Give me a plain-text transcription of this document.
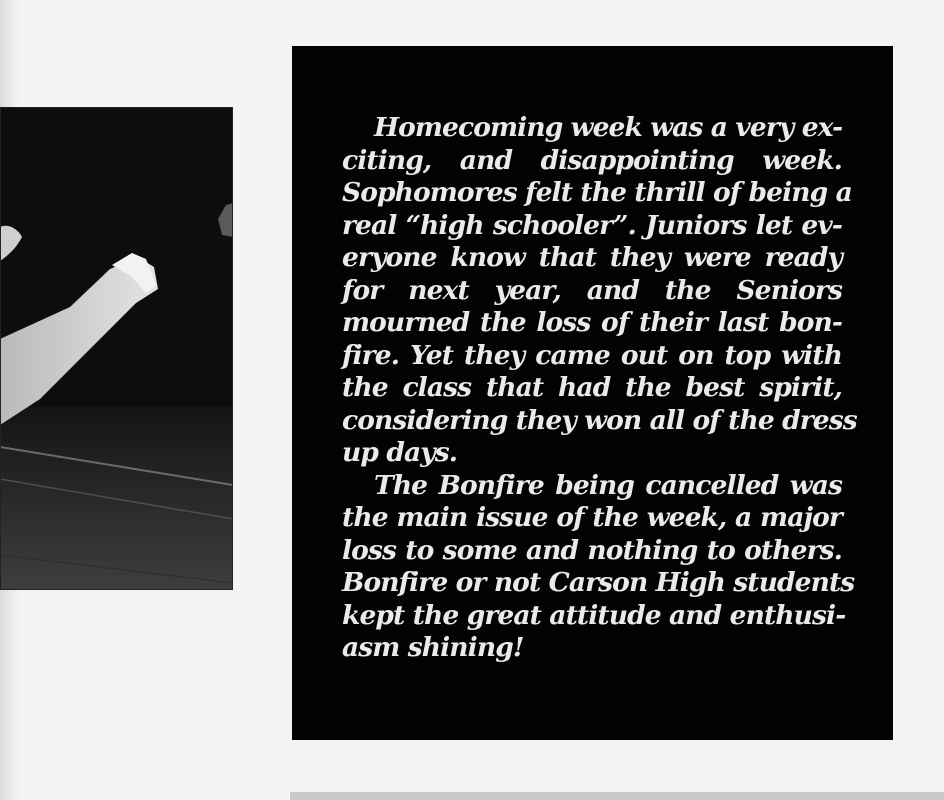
Homecoming week was a very ex-
citing, and disappointing week.
Sophomores felt the thrill of being a
real “high schooler”. Juniors let ev-
eryone know that they were ready
for next year, and the Seniors
mourned the loss of their last bon-
fire. Yet they came out on top with
the class that had the best spirit,
considering they won all of the dress
up days.

The Bonfire being cancelled was
the main issue of the week, a major
loss to some and nothing to others.
Bonfire or not Carson High students
kept the great attitude and enthusi-
asm shining!
